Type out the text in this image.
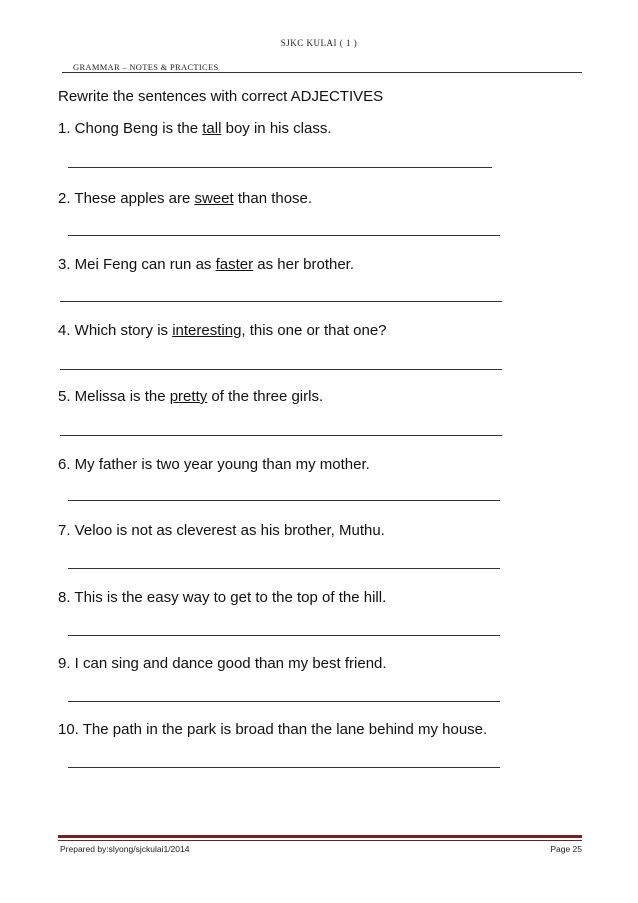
SJKC KULAI ( 1 )
GRAMMAR – NOTES & PRACTICES
Rewrite the sentences with correct ADJECTIVES
1. Chong Beng is the tall boy in his class.
2. These apples are sweet than those.
3. Mei Feng can run as faster as her brother.
4. Which story is interesting, this one or that one?
5. Melissa is the pretty of the three girls.
6. My father is two year young than my mother.
7. Veloo is not as cleverest as his brother, Muthu.
8. This is the easy way to get to the top of the hill.
9. I can sing and dance good than my best friend.
10. The path in the park is broad than the lane behind my house.
Prepared by:slyong/sjckulai1/2014	Page 25
